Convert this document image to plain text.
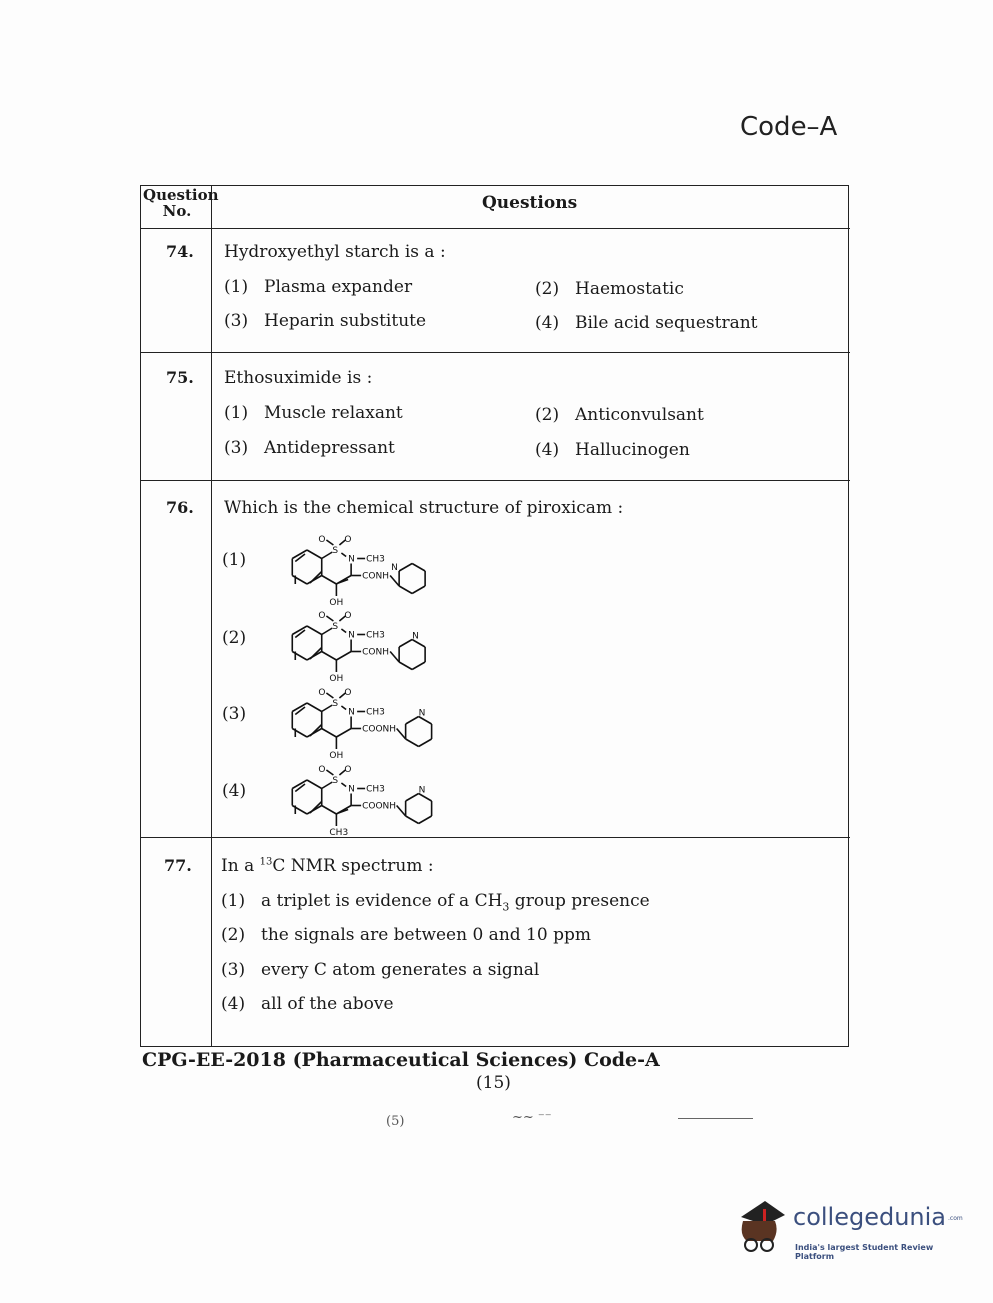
Code–A
Question No.	Questions
74. Hydroxyethyl starch is a :
(1) Plasma expander	(2) Haemostatic
(3) Heparin substitute	(4) Bile acid sequestrant
75. Ethosuximide is :
(1) Muscle relaxant	(2) Anticonvulsant
(3) Antidepressant	(4) Hallucinogen
76. Which is the chemical structure of piroxicam :
(1)
(2)
(3)
(4)
S
O O
N CH3
CONH
OH
N
S
O O
N CH3
CONH
OH
N
S
O O
N CH3
COONH
OH
N
S
O O
N CH3
COONH
CH3
N
77. In a $^{13}$C NMR spectrum :
(1) a triplet is evidence of a $CH_3$ group presence
(2) the signals are between 0 and 10 ppm
(3) every C atom generates a signal
(4) all of the above
CPG-EE-2018 (Pharmaceutical Sciences) Code-A
(15)
(5)	~~ ⁻⁻
collegedunia .com
India's largest Student Review Platform
